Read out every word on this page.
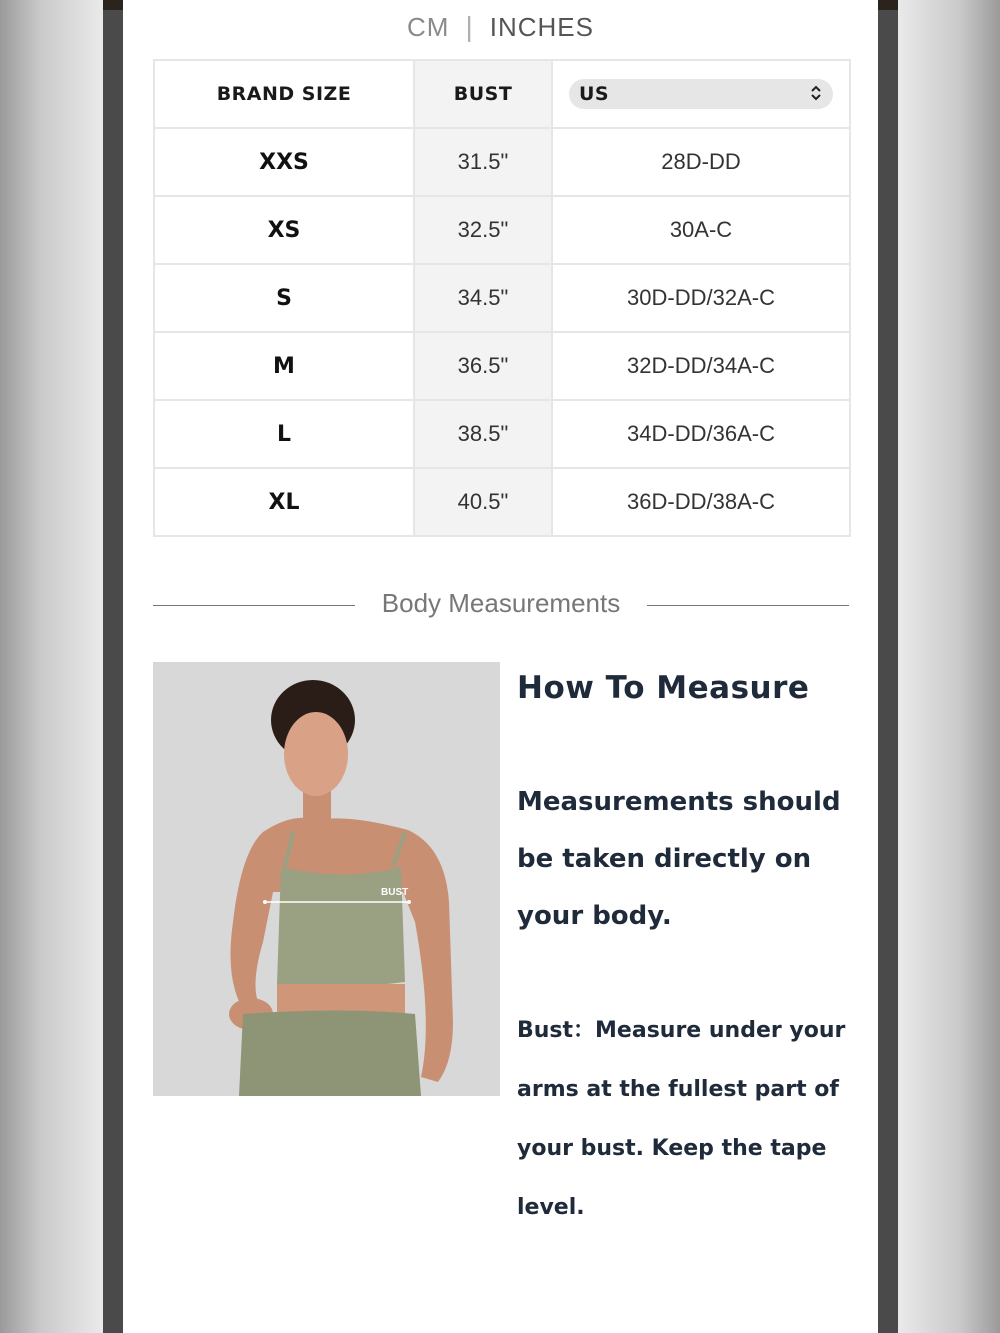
CM | INCHES
BRAND SIZE	BUST	US

XXS	31.5"	28D-DD
XS	32.5"	30A-C
S	34.5"	30D-DD/32A-C
M	36.5"	32D-DD/34A-C
L	38.5"	34D-DD/36A-C
XL	40.5"	36D-DD/38A-C
Body Measurements
BUST
How To Measure

Measurements should be taken directly on your body.

Bust：Measure under your arms at the fullest part of your bust. Keep the tape level.
